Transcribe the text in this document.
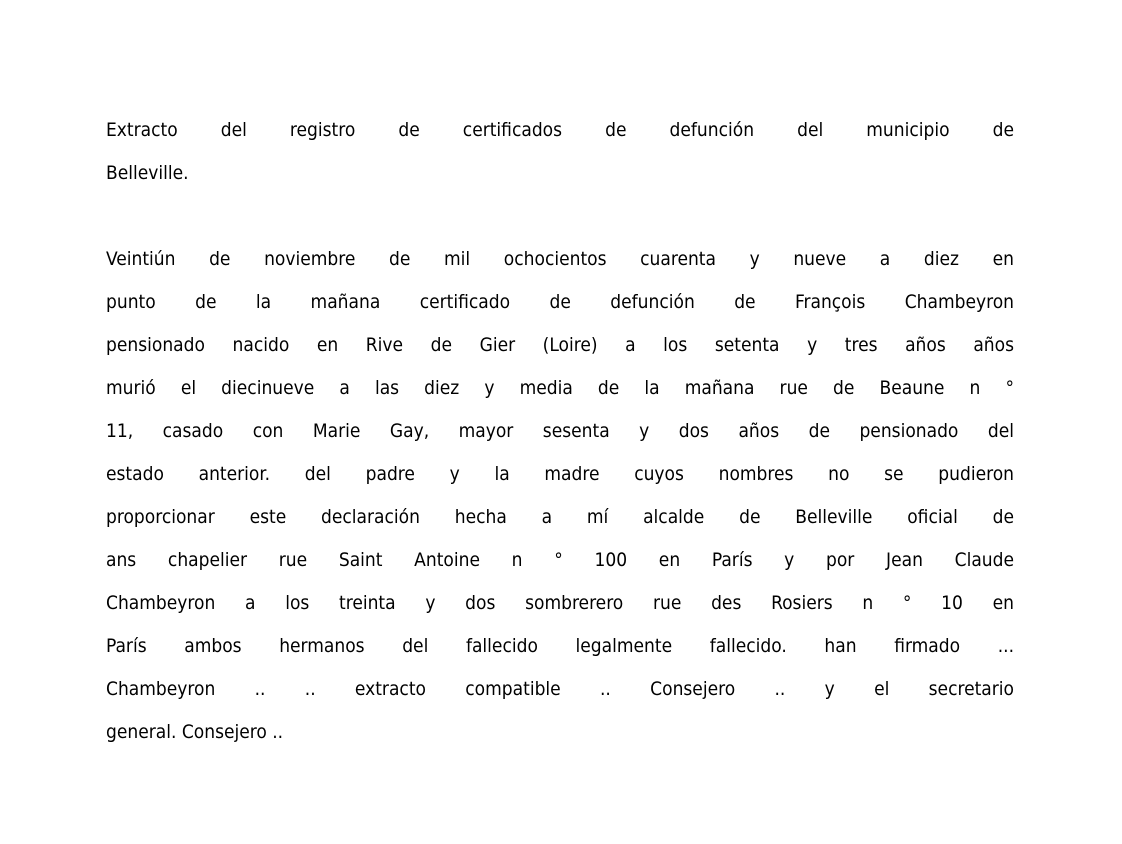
Extracto del registro de certificados de defunción del municipio de
Belleville.
Veintiún de noviembre de mil ochocientos cuarenta y nueve a diez en
punto de la mañana certificado de defunción de François Chambeyron
pensionado nacido en Rive de Gier (Loire) a los setenta y tres años años
murió el diecinueve a las diez y media de la mañana rue de Beaune n °
11, casado con Marie Gay, mayor sesenta y dos años de pensionado del
estado anterior. del padre y la madre cuyos nombres no se pudieron
proporcionar este declaración hecha a mí alcalde de Belleville oficial de
ans chapelier rue Saint Antoine n ° 100 en París y por Jean Claude
Chambeyron a los treinta y dos sombrerero rue des Rosiers n ° 10 en
París ambos hermanos del fallecido legalmente fallecido. han firmado ...
Chambeyron .. .. extracto compatible .. Consejero .. y el secretario
general. Consejero ..
